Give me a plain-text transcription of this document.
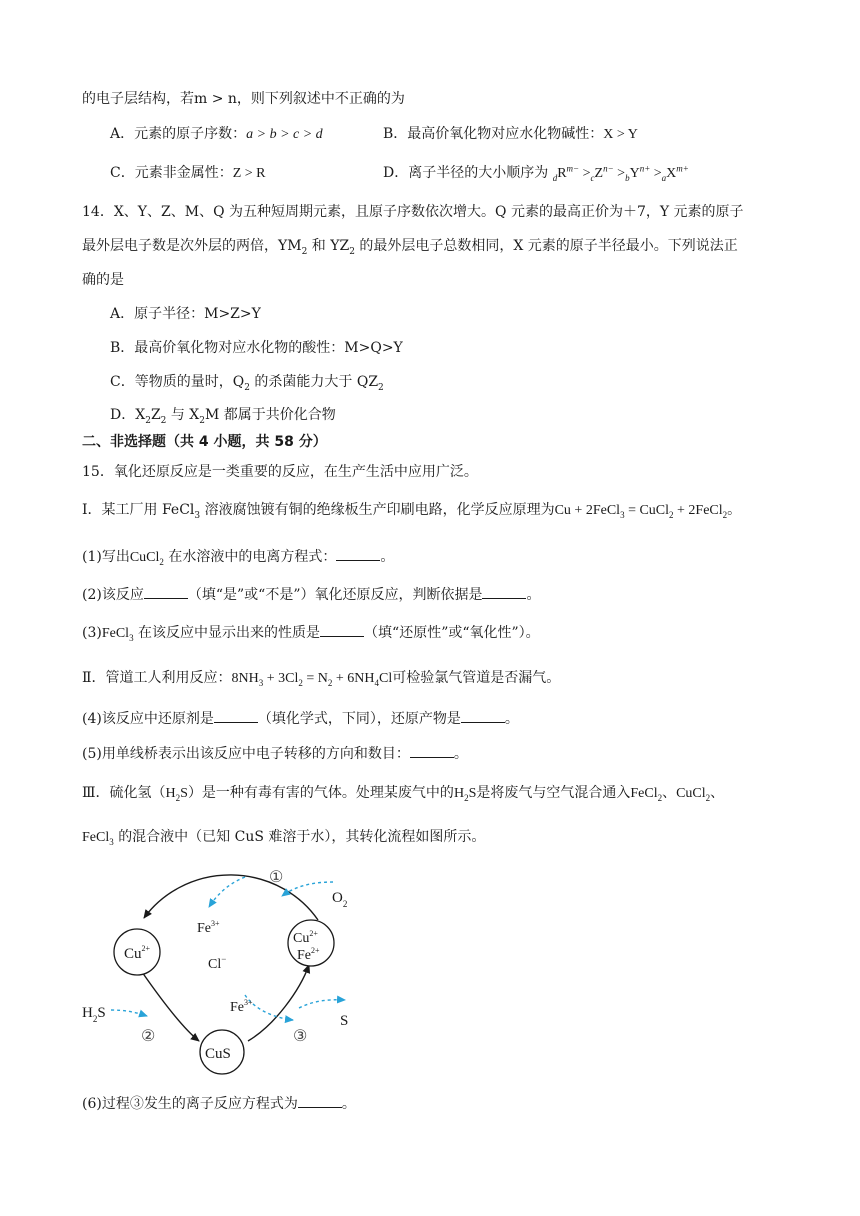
的电子层结构，若m > n，则下列叙述中不正确的为
A．元素的原子序数：a > b > c > d	B．最高价氧化物对应水化物碱性：X > Y
C．元素非金属性：Z > R	D．离子半径的大小顺序为 $_dR^{m-} >_cZ^{n-} >_bY^{n+} >_aX^{m+}$
14．X、Y、Z、M、Q 为五种短周期元素，且原子序数依次增大。Q 元素的最高正价为＋7，Y 元素的原子
最外层电子数是次外层的两倍，$YM_2$ 和 $YZ_2$ 的最外层电子总数相同，X 元素的原子半径最小。下列说法正
确的是
A．原子半径：M>Z>Y
B．最高价氧化物对应水化物的酸性：M>Q>Y
C．等物质的量时，$Q_2$ 的杀菌能力大于 $QZ_2$
D．$X_2Z_2$ 与 $X_2M$ 都属于共价化合物
二、非选择题（共 4 小题，共 58 分）
15．氧化还原反应是一类重要的反应，在生产生活中应用广泛。
Ⅰ．某工厂用 FeCl$_3$ 溶液腐蚀镀有铜的绝缘板生产印刷电路，化学反应原理为Cu + 2FeCl$_3$ = CuCl$_2$ + 2FeCl$_2$。
(1)写出CuCl$_2$ 在水溶液中的电离方程式：	。
(2)该反应	（填“是”或“不是”）氧化还原反应，判断依据是	。
(3)FeCl$_3$ 在该反应中显示出来的性质是	（填“还原性”或“氧化性”）。
Ⅱ．管道工人利用反应：$8NH_3 + 3Cl_2 = N_2 + 6NH_4Cl$可检验氯气管道是否漏气。
(4)该反应中还原剂是	（填化学式，下同），还原产物是	。
(5)用单线桥表示出该反应中电子转移的方向和数目：	。
Ⅲ．硫化氢$(H_2S)$是一种有毒有害的气体。处理某废气中的$H_2S$是将废气与空气混合通入FeCl$_2$、CuCl$_2$、
FeCl$_3$ 的混合液中（已知 CuS 难溶于水），其转化流程如图所示。
$Cu^{2+}$
$Cu^{2+}$
$Fe^{2+}$
CuS
$Fe^{3+}$
Cl−
①
$O_2$
$H_2S$
②
$Fe^{3+}$
③
S
(6)过程③发生的离子反应方程式为	。
